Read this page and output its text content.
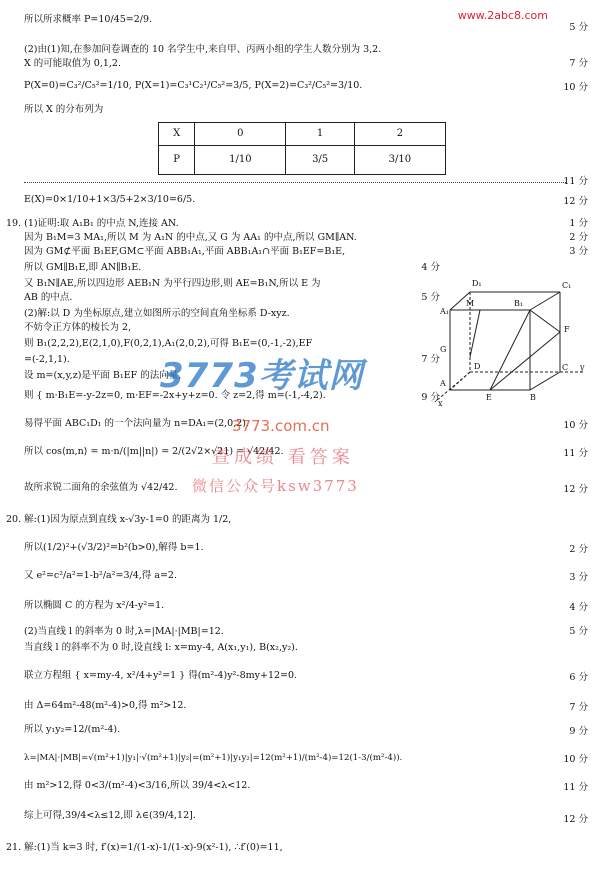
www.2abc8.com
所以所求概率 P=10/45=2/9.
5 分
(2)由(1)知,在参加问卷调查的 10 名学生中,来自甲、丙两小组的学生人数分别为 3,2.
X 的可能取值为 0,1,2.	7 分
P(X=0)=C₃²/C₅²=1/10, P(X=1)=C₃¹C₂¹/C₅²=3/5, P(X=2)=C₃²/C₅²=3/10.	10 分
所以 X 的分布列为
X	0	1	2
P	1/10	3/5	3/10
11 分
E(X)=0×1/10+1×3/5+2×3/10=6/5.	12 分
19. (1)证明:取 A₁B₁ 的中点 N,连接 AN.	1 分
因为 B₁M=3 MA₁,所以 M 为 A₁N 的中点,又 G 为 AA₁ 的中点,所以 GM∥AN.	2 分
因为 GM⊄平面 B₁EF,GM⊂平面 ABB₁A₁,平面 ABB₁A₁∩平面 B₁EF=B₁E,	3 分
所以 GM∥B₁E,即 AN∥B₁E.	4 分
又 B₁N∥AE,所以四边形 AEB₁N 为平行四边形,则 AE=B₁N,所以 E 为
AB 的中点.	5 分
(2)解:以 D 为坐标原点,建立如图所示的空间直角坐标系 D-xyz.
不妨令正方体的棱长为 2,
则 B₁(2,2,2),E(2,1,0),F(0,2,1),A₁(2,0,2),可得 B₁E=(0,-1,-2),EF
=(-2,1,1).	7 分
设 m=(x,y,z)是平面 B₁EF 的法向量,
则 { m·B₁E=-y-2z=0, m·EF=-2x+y+z=0. 令 z=2,得 m=(-1,-4,2).	9 分
易得平面 ABC₁D₁ 的一个法向量为 n=DA₁=(2,0,2).	10 分
所以 cos⟨m,n⟩ = m·n/(|m||n|) = 2/(2√2×√21) = √42/42.	11 分
故所求锐二面角的余弦值为 √42/42.	12 分
D₁	C₁
M	B₁
A₁
F
G
D	C y
A
E	B
x
3773考试网
3773.com.cn
查成绩 看答案
微信公众号ksw3773
20. 解:(1)因为原点到直线 x-√3y-1=0 的距离为 1/2,
所以(1/2)²+(√3/2)²=b²(b>0),解得 b=1.	2 分
又 e²=c²/a²=1-b²/a²=3/4,得 a=2.	3 分
所以椭圆 C 的方程为 x²/4-y²=1.	4 分
(2)当直线 l 的斜率为 0 时,λ=|MA|·|MB|=12.	5 分
当直线 l 的斜率不为 0 时,设直线 l: x=my-4, A(x₁,y₁), B(x₂,y₂).
联立方程组 { x=my-4, x²/4+y²=1 } 得(m²-4)y²-8my+12=0.	6 分
由 Δ=64m²-48(m²-4)>0,得 m²>12.	7 分
所以 y₁y₂=12/(m²-4).	9 分
λ=|MA|·|MB|=√(m²+1)|y₁|·√(m²+1)|y₂|=(m²+1)|y₁y₂|=12(m²+1)/(m²-4)=12(1-3/(m²-4)).	10 分
由 m²>12,得 0<3/(m²-4)<3/16,所以 39/4<λ<12.	11 分
综上可得,39/4<λ≤12,即 λ∈(39/4,12].	12 分
21. 解:(1)当 k=3 时, f′(x)=1/(1-x)-1/(1-x)-9(x²-1), ∴f′(0)=11,
